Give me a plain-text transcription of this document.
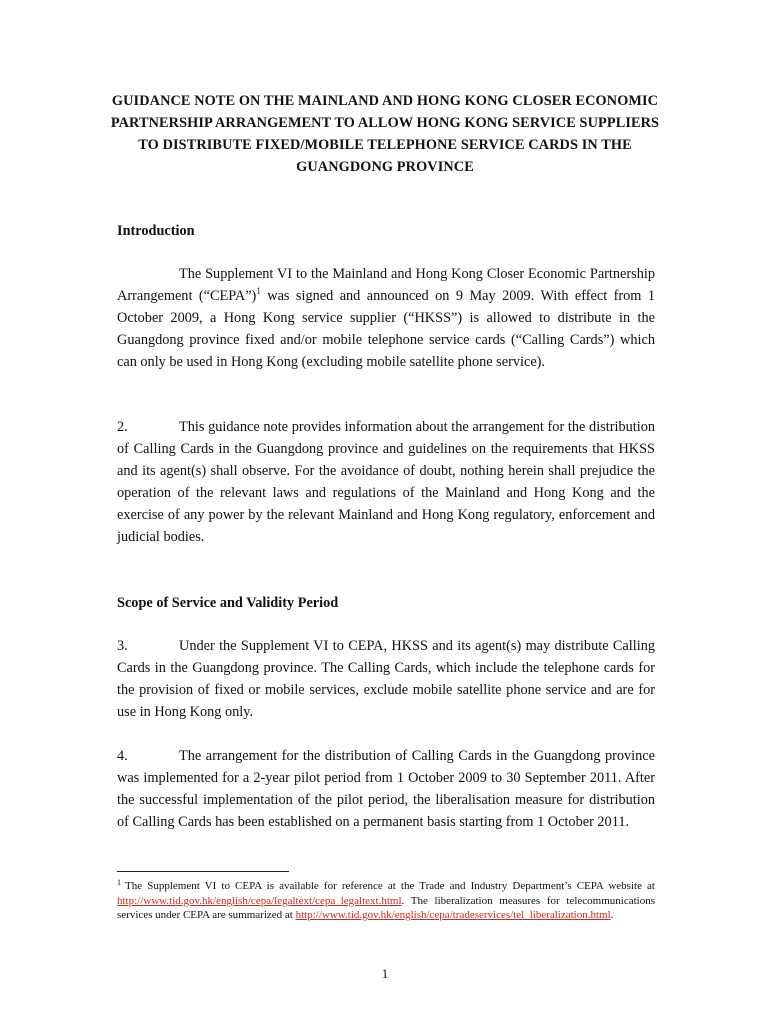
GUIDANCE NOTE ON THE MAINLAND AND HONG KONG CLOSER ECONOMIC PARTNERSHIP ARRANGEMENT TO ALLOW HONG KONG SERVICE SUPPLIERS TO DISTRIBUTE FIXED/MOBILE TELEPHONE SERVICE CARDS IN THE GUANGDONG PROVINCE
Introduction
The Supplement VI to the Mainland and Hong Kong Closer Economic Partnership Arrangement (“CEPA”)$^1$ was signed and announced on 9 May 2009. With effect from 1 October 2009, a Hong Kong service supplier (“HKSS”) is allowed to distribute in the Guangdong province fixed and/or mobile telephone service cards (“Calling Cards”) which can only be used in Hong Kong (excluding mobile satellite phone service).
2.	This guidance note provides information about the arrangement for the distribution of Calling Cards in the Guangdong province and guidelines on the requirements that HKSS and its agent(s) shall observe. For the avoidance of doubt, nothing herein shall prejudice the operation of the relevant laws and regulations of the Mainland and Hong Kong and the exercise of any power by the relevant Mainland and Hong Kong regulatory, enforcement and judicial bodies.
Scope of Service and Validity Period
3.	Under the Supplement VI to CEPA, HKSS and its agent(s) may distribute Calling Cards in the Guangdong province. The Calling Cards, which include the telephone cards for the provision of fixed or mobile services, exclude mobile satellite phone service and are for use in Hong Kong only.
4.	The arrangement for the distribution of Calling Cards in the Guangdong province was implemented for a 2-year pilot period from 1 October 2009 to 30 September 2011. After the successful implementation of the pilot period, the liberalisation measure for distribution of Calling Cards has been established on a permanent basis starting from 1 October 2011.
$^1$ The Supplement VI to CEPA is available for reference at the Trade and Industry Department’s CEPA website at http://www.tid.gov.hk/english/cepa/legaltext/cepa_legaltext.html. The liberalization measures for telecommunications services under CEPA are summarized at http://www.tid.gov.hk/english/cepa/tradeservices/tel_liberalization.html.
1
